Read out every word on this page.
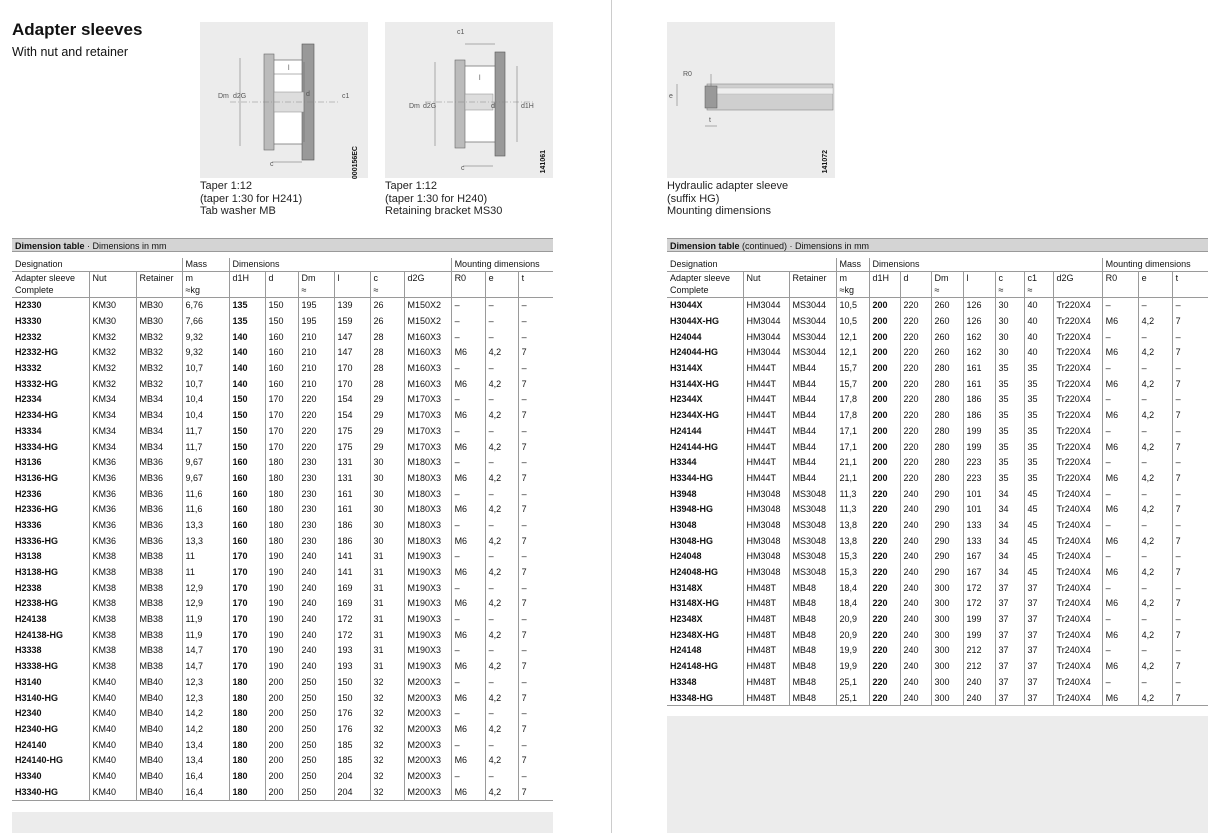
Adapter sleeves
With nut and retainer
Dm d2G	d
l
c
c1
000156EC
Taper 1:12
(taper 1:30 for H241)
Tab washer MB
Dm d2G	d	d1H
l
c
c1
141061
Taper 1:12
(taper 1:30 for H240)
Retaining bracket MS30
R0
e
t
141072
Hydraulic adapter sleeve
(suffix HG)
Mounting dimensions
Dimension table · Dimensions in mm
Designation			Mass	Dimensions						Mounting dimensions		
Adapter sleeve	Nut	Retainer	m	d1H	d	Dm	l	c	d2G	R0	e	t
Complete			≈kg			≈		≈				
H2330	KM30	MB30	6,76	135	150	195	139	26	M150X2	–	–	–
H3330	KM30	MB30	7,66	135	150	195	159	26	M150X2	–	–	–
H2332	KM32	MB32	9,32	140	160	210	147	28	M160X3	–	–	–
H2332-HG	KM32	MB32	9,32	140	160	210	147	28	M160X3	M6	4,2	7
H3332	KM32	MB32	10,7	140	160	210	170	28	M160X3	–	–	–
H3332-HG	KM32	MB32	10,7	140	160	210	170	28	M160X3	M6	4,2	7
H2334	KM34	MB34	10,4	150	170	220	154	29	M170X3	–	–	–
H2334-HG	KM34	MB34	10,4	150	170	220	154	29	M170X3	M6	4,2	7
H3334	KM34	MB34	11,7	150	170	220	175	29	M170X3	–	–	–
H3334-HG	KM34	MB34	11,7	150	170	220	175	29	M170X3	M6	4,2	7
H3136	KM36	MB36	9,67	160	180	230	131	30	M180X3	–	–	–
H3136-HG	KM36	MB36	9,67	160	180	230	131	30	M180X3	M6	4,2	7
H2336	KM36	MB36	11,6	160	180	230	161	30	M180X3	–	–	–
H2336-HG	KM36	MB36	11,6	160	180	230	161	30	M180X3	M6	4,2	7
H3336	KM36	MB36	13,3	160	180	230	186	30	M180X3	–	–	–
H3336-HG	KM36	MB36	13,3	160	180	230	186	30	M180X3	M6	4,2	7
H3138	KM38	MB38	11	170	190	240	141	31	M190X3	–	–	–
H3138-HG	KM38	MB38	11	170	190	240	141	31	M190X3	M6	4,2	7
H2338	KM38	MB38	12,9	170	190	240	169	31	M190X3	–	–	–
H2338-HG	KM38	MB38	12,9	170	190	240	169	31	M190X3	M6	4,2	7
H24138	KM38	MB38	11,9	170	190	240	172	31	M190X3	–	–	–
H24138-HG	KM38	MB38	11,9	170	190	240	172	31	M190X3	M6	4,2	7
H3338	KM38	MB38	14,7	170	190	240	193	31	M190X3	–	–	–
H3338-HG	KM38	MB38	14,7	170	190	240	193	31	M190X3	M6	4,2	7
H3140	KM40	MB40	12,3	180	200	250	150	32	M200X3	–	–	–
H3140-HG	KM40	MB40	12,3	180	200	250	150	32	M200X3	M6	4,2	7
H2340	KM40	MB40	14,2	180	200	250	176	32	M200X3	–	–	–
H2340-HG	KM40	MB40	14,2	180	200	250	176	32	M200X3	M6	4,2	7
H24140	KM40	MB40	13,4	180	200	250	185	32	M200X3	–	–	–
H24140-HG	KM40	MB40	13,4	180	200	250	185	32	M200X3	M6	4,2	7
H3340	KM40	MB40	16,4	180	200	250	204	32	M200X3	–	–	–
H3340-HG	KM40	MB40	16,4	180	200	250	204	32	M200X3	M6	4,2	7
Dimension table (continued) · Dimensions in mm
Designation			Mass	Dimensions							Mounting dimensions		
Adapter sleeve	Nut	Retainer	m	d1H	d	Dm	l	c	c1	d2G	R0	e	t
Complete			≈kg			≈		≈	≈				
H3044X	HM3044	MS3044	10,5	200	220	260	126	30	40	Tr220X4	–	–	–
H3044X-HG	HM3044	MS3044	10,5	200	220	260	126	30	40	Tr220X4	M6	4,2	7
H24044	HM3044	MS3044	12,1	200	220	260	162	30	40	Tr220X4	–	–	–
H24044-HG	HM3044	MS3044	12,1	200	220	260	162	30	40	Tr220X4	M6	4,2	7
H3144X	HM44T	MB44	15,7	200	220	280	161	35	35	Tr220X4	–	–	–
H3144X-HG	HM44T	MB44	15,7	200	220	280	161	35	35	Tr220X4	M6	4,2	7
H2344X	HM44T	MB44	17,8	200	220	280	186	35	35	Tr220X4	–	–	–
H2344X-HG	HM44T	MB44	17,8	200	220	280	186	35	35	Tr220X4	M6	4,2	7
H24144	HM44T	MB44	17,1	200	220	280	199	35	35	Tr220X4	–	–	–
H24144-HG	HM44T	MB44	17,1	200	220	280	199	35	35	Tr220X4	M6	4,2	7
H3344	HM44T	MB44	21,1	200	220	280	223	35	35	Tr220X4	–	–	–
H3344-HG	HM44T	MB44	21,1	200	220	280	223	35	35	Tr220X4	M6	4,2	7
H3948	HM3048	MS3048	11,3	220	240	290	101	34	45	Tr240X4	–	–	–
H3948-HG	HM3048	MS3048	11,3	220	240	290	101	34	45	Tr240X4	M6	4,2	7
H3048	HM3048	MS3048	13,8	220	240	290	133	34	45	Tr240X4	–	–	–
H3048-HG	HM3048	MS3048	13,8	220	240	290	133	34	45	Tr240X4	M6	4,2	7
H24048	HM3048	MS3048	15,3	220	240	290	167	34	45	Tr240X4	–	–	–
H24048-HG	HM3048	MS3048	15,3	220	240	290	167	34	45	Tr240X4	M6	4,2	7
H3148X	HM48T	MB48	18,4	220	240	300	172	37	37	Tr240X4	–	–	–
H3148X-HG	HM48T	MB48	18,4	220	240	300	172	37	37	Tr240X4	M6	4,2	7
H2348X	HM48T	MB48	20,9	220	240	300	199	37	37	Tr240X4	–	–	–
H2348X-HG	HM48T	MB48	20,9	220	240	300	199	37	37	Tr240X4	M6	4,2	7
H24148	HM48T	MB48	19,9	220	240	300	212	37	37	Tr240X4	–	–	–
H24148-HG	HM48T	MB48	19,9	220	240	300	212	37	37	Tr240X4	M6	4,2	7
H3348	HM48T	MB48	25,1	220	240	300	240	37	37	Tr240X4	–	–	–
H3348-HG	HM48T	MB48	25,1	220	240	300	240	37	37	Tr240X4	M6	4,2	7
